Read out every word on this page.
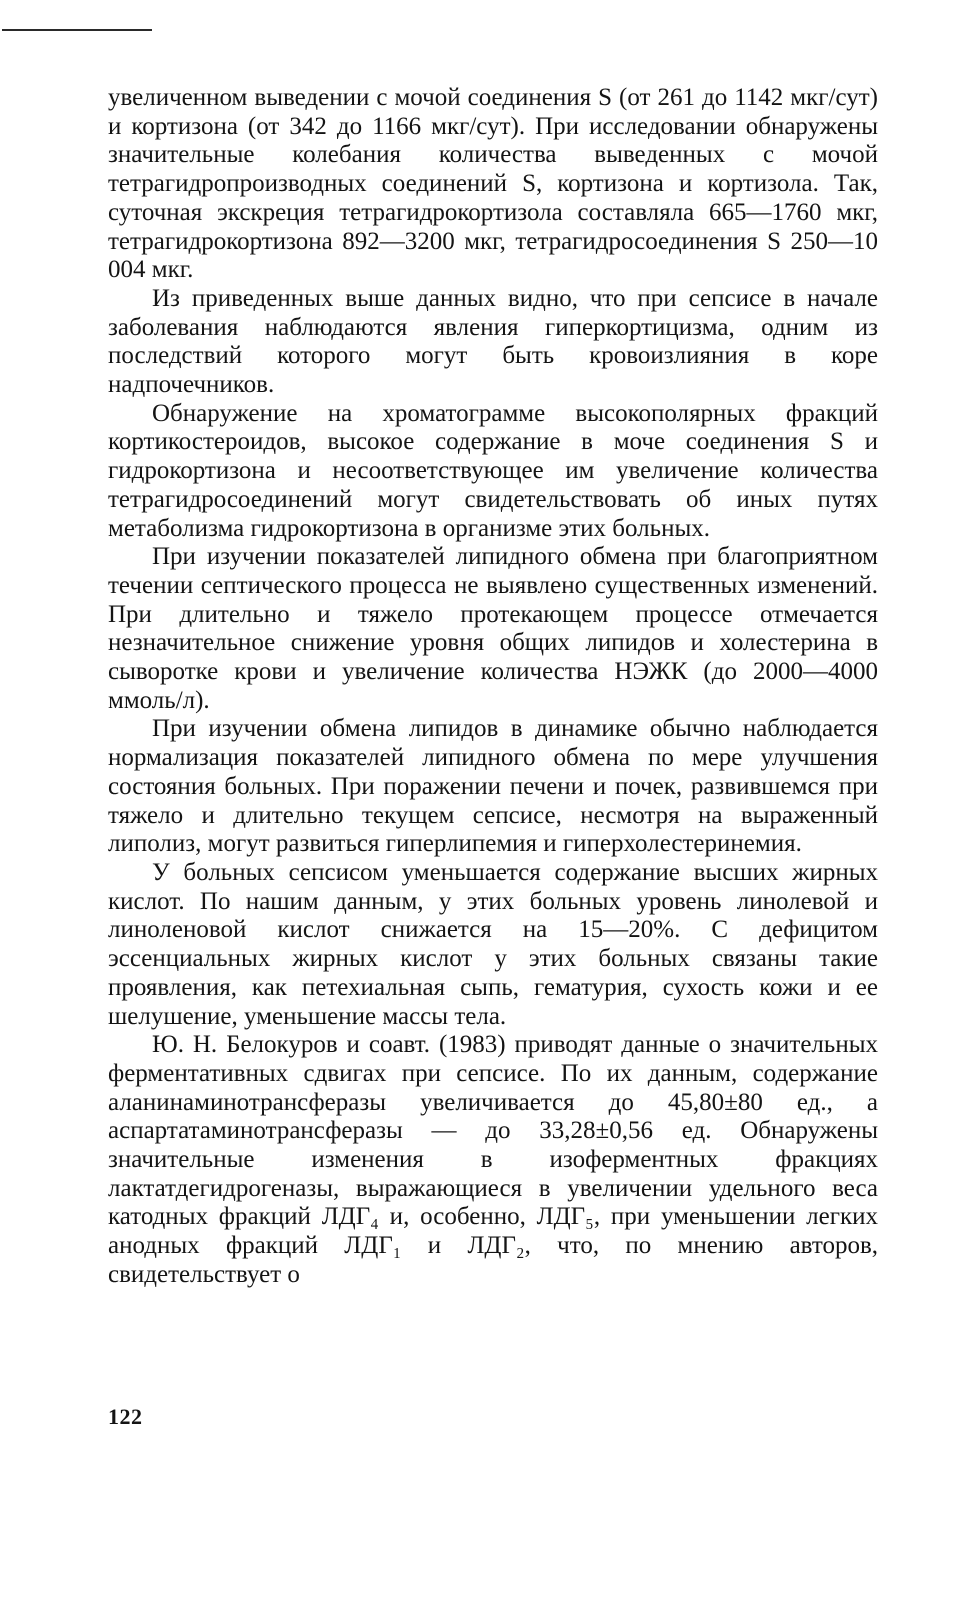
увеличенном выведении с мочой соединения S (от 261 до 1142 мкг/сут) и кортизона (от 342 до 1166 мкг/сут). При исследовании обнаружены значительные колебания количества выведенных с мочой тетрагидропроизводных соединений S, кортизона и кортизола. Так, суточная экскреция тетрагидрокортизола составляла 665—1760 мкг, тетрагидрокортизона 892—3200 мкг, тетрагидросоединения S 250—10 004 мкг.

Из приведенных выше данных видно, что при сепсисе в начале заболевания наблюдаются явления гиперкортицизма, одним из последствий которого могут быть кровоизлияния в коре надпочечников.

Обнаружение на хроматограмме высокополярных фракций кортикостероидов, высокое содержание в моче соединения S и гидрокортизона и несоответствующее им увеличение количества тетрагидросоединений могут свидетельствовать об иных путях метаболизма гидрокортизона в организме этих больных.

При изучении показателей липидного обмена при благоприятном течении септического процесса не выявлено существенных изменений. При длительно и тяжело протекающем процессе отмечается незначительное снижение уровня общих липидов и холестерина в сыворотке крови и увеличение количества НЭЖК (до 2000—4000 ммоль/л).

При изучении обмена липидов в динамике обычно наблюдается нормализация показателей липидного обмена по мере улучшения состояния больных. При поражении печени и почек, развившемся при тяжело и длительно текущем сепсисе, несмотря на выраженный липолиз, могут развиться гиперлипемия и гиперхолестеринемия.

У больных сепсисом уменьшается содержание высших жирных кислот. По нашим данным, у этих больных уровень линолевой и линоленовой кислот снижается на 15—20%. С дефицитом эссенциальных жирных кислот у этих больных связаны такие проявления, как петехиальная сыпь, гематурия, сухость кожи и ее шелушение, уменьшение массы тела.

Ю. Н. Белокуров и соавт. (1983) приводят данные о значительных ферментативных сдвигах при сепсисе. По их данным, содержание аланинаминотрансферазы увеличивается до 45,80±80 ед., а аспартатаминотрансферазы — до 33,28±0,56 ед. Обнаружены значительные изменения в изоферментных фракциях лактатдегидрогеназы, выражающиеся в увеличении удельного веса катодных фракций ЛДГ₄ и, особенно, ЛДГ₅, при уменьшении легких анодных фракций ЛДГ₁ и ЛДГ₂, что, по мнению авторов, свидетельствует о

122
